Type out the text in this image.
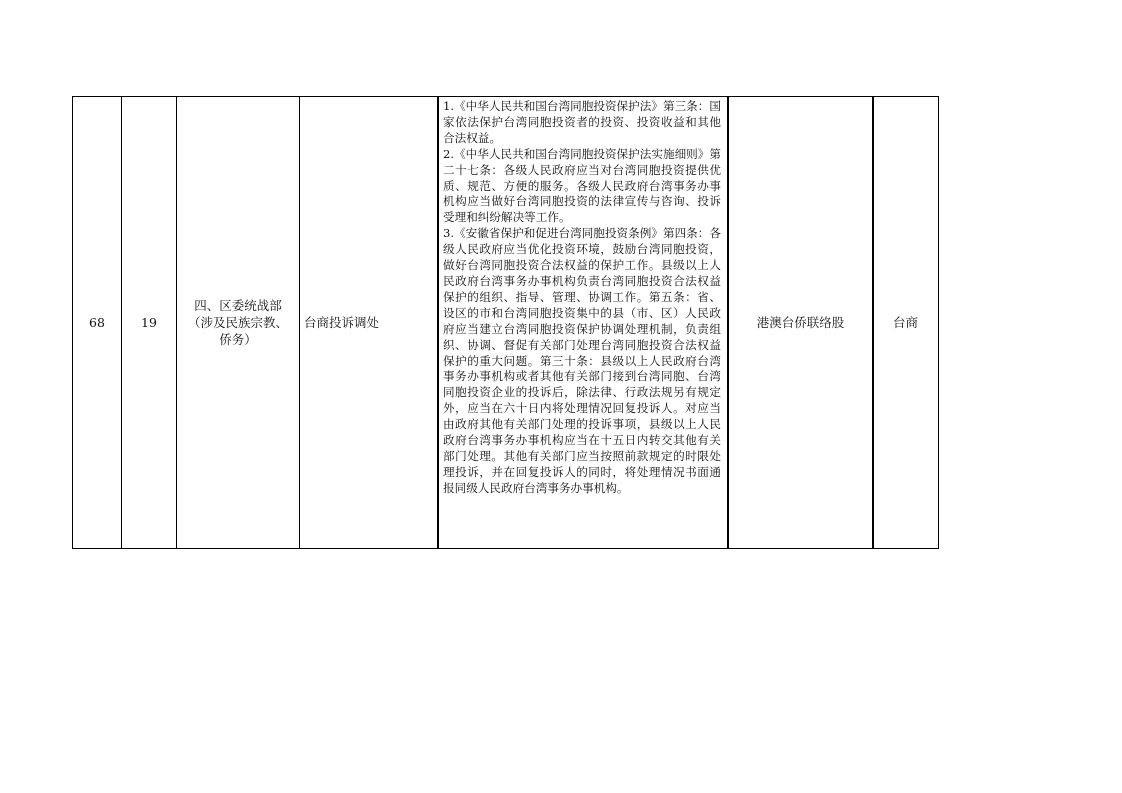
68	19
四、区委统战部
（涉及民族宗教、
侨务）
台商投诉调处

1.《中华人民共和国台湾同胞投资保护法》第三条：国家依法保护台湾同胞投资者的投资、投资收益和其他合法权益。

2.《中华人民共和国台湾同胞投资保护法实施细则》第二十七条：各级人民政府应当对台湾同胞投资提供优质、规范、方便的服务。各级人民政府台湾事务办事机构应当做好台湾同胞投资的法律宣传与咨询、投诉受理和纠纷解决等工作。

3.《安徽省保护和促进台湾同胞投资条例》第四条：各级人民政府应当优化投资环境，鼓励台湾同胞投资，做好台湾同胞投资合法权益的保护工作。县级以上人民政府台湾事务办事机构负责台湾同胞投资合法权益保护的组织、指导、管理、协调工作。第五条：省、设区的市和台湾同胞投资集中的县（市、区）人民政府应当建立台湾同胞投资保护协调处理机制，负责组织、协调、督促有关部门处理台湾同胞投资合法权益保护的重大问题。第三十条：县级以上人民政府台湾事务办事机构或者其他有关部门接到台湾同胞、台湾同胞投资企业的投诉后，除法律、行政法规另有规定外，应当在六十日内将处理情况回复投诉人。对应当由政府其他有关部门处理的投诉事项，县级以上人民政府台湾事务办事机构应当在十五日内转交其他有关部门处理。其他有关部门应当按照前款规定的时限处理投诉，并在回复投诉人的同时，将处理情况书面通报同级人民政府台湾事务办事机构。

港澳台侨联络股	台商
